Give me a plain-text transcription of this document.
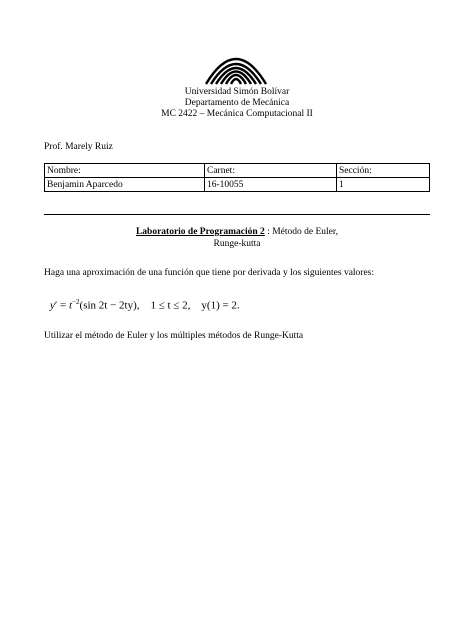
Universidad Simón Bolívar
Departamento de Mecánica
MC 2422 – Mecánica Computacional II
Prof. Marely Ruiz
Nombre:	Carnet:	Sección:
Benjamin Aparcedo	16-10055	1
Laboratorio de Programación 2 : Método de Euler,
Runge-kutta
Haga una aproximación de una función que tiene por derivada y los siguientes valores:
$y' = t^{-2}(\sin$ 2t − 2ty), 1 ≤ t ≤ 2, y(1) = 2.
Utilizar el método de Euler y los múltiples métodos de Runge-Kutta
